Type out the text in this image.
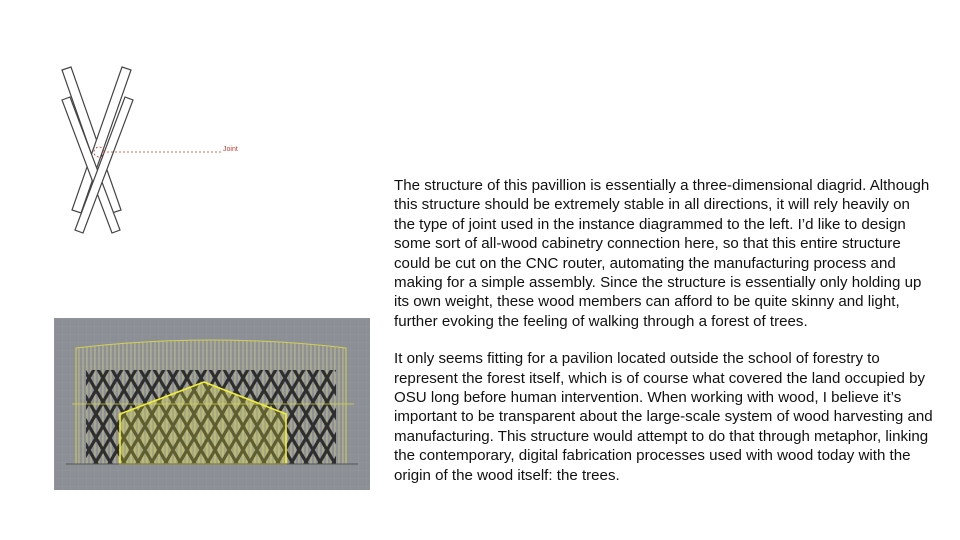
Joint

The structure of this pavillion is essentially a three-dimensional diagrid. Although this structure should be extremely stable in all directions, it will rely heavily on the type of joint used in the instance diagrammed to the left. I’d like to design some sort of all-wood cabinetry connection here, so that this entire structure could be cut on the CNC router, automating the manufacturing process and making for a simple assembly. Since the structure is essentially only holding up its own weight, these wood members can afford to be quite skinny and light, further evoking the feeling of walking through a forest of trees.

It only seems fitting for a pavilion located outside the school of forestry to represent the forest itself, which is of course what covered the land occupied by OSU long before human intervention. When working with wood, I believe it’s important to be transparent about the large-scale system of wood harvesting and manufacturing. This structure would attempt to do that through metaphor, linking the contemporary, digital fabrication processes used with wood today with the origin of the wood itself: the trees.
